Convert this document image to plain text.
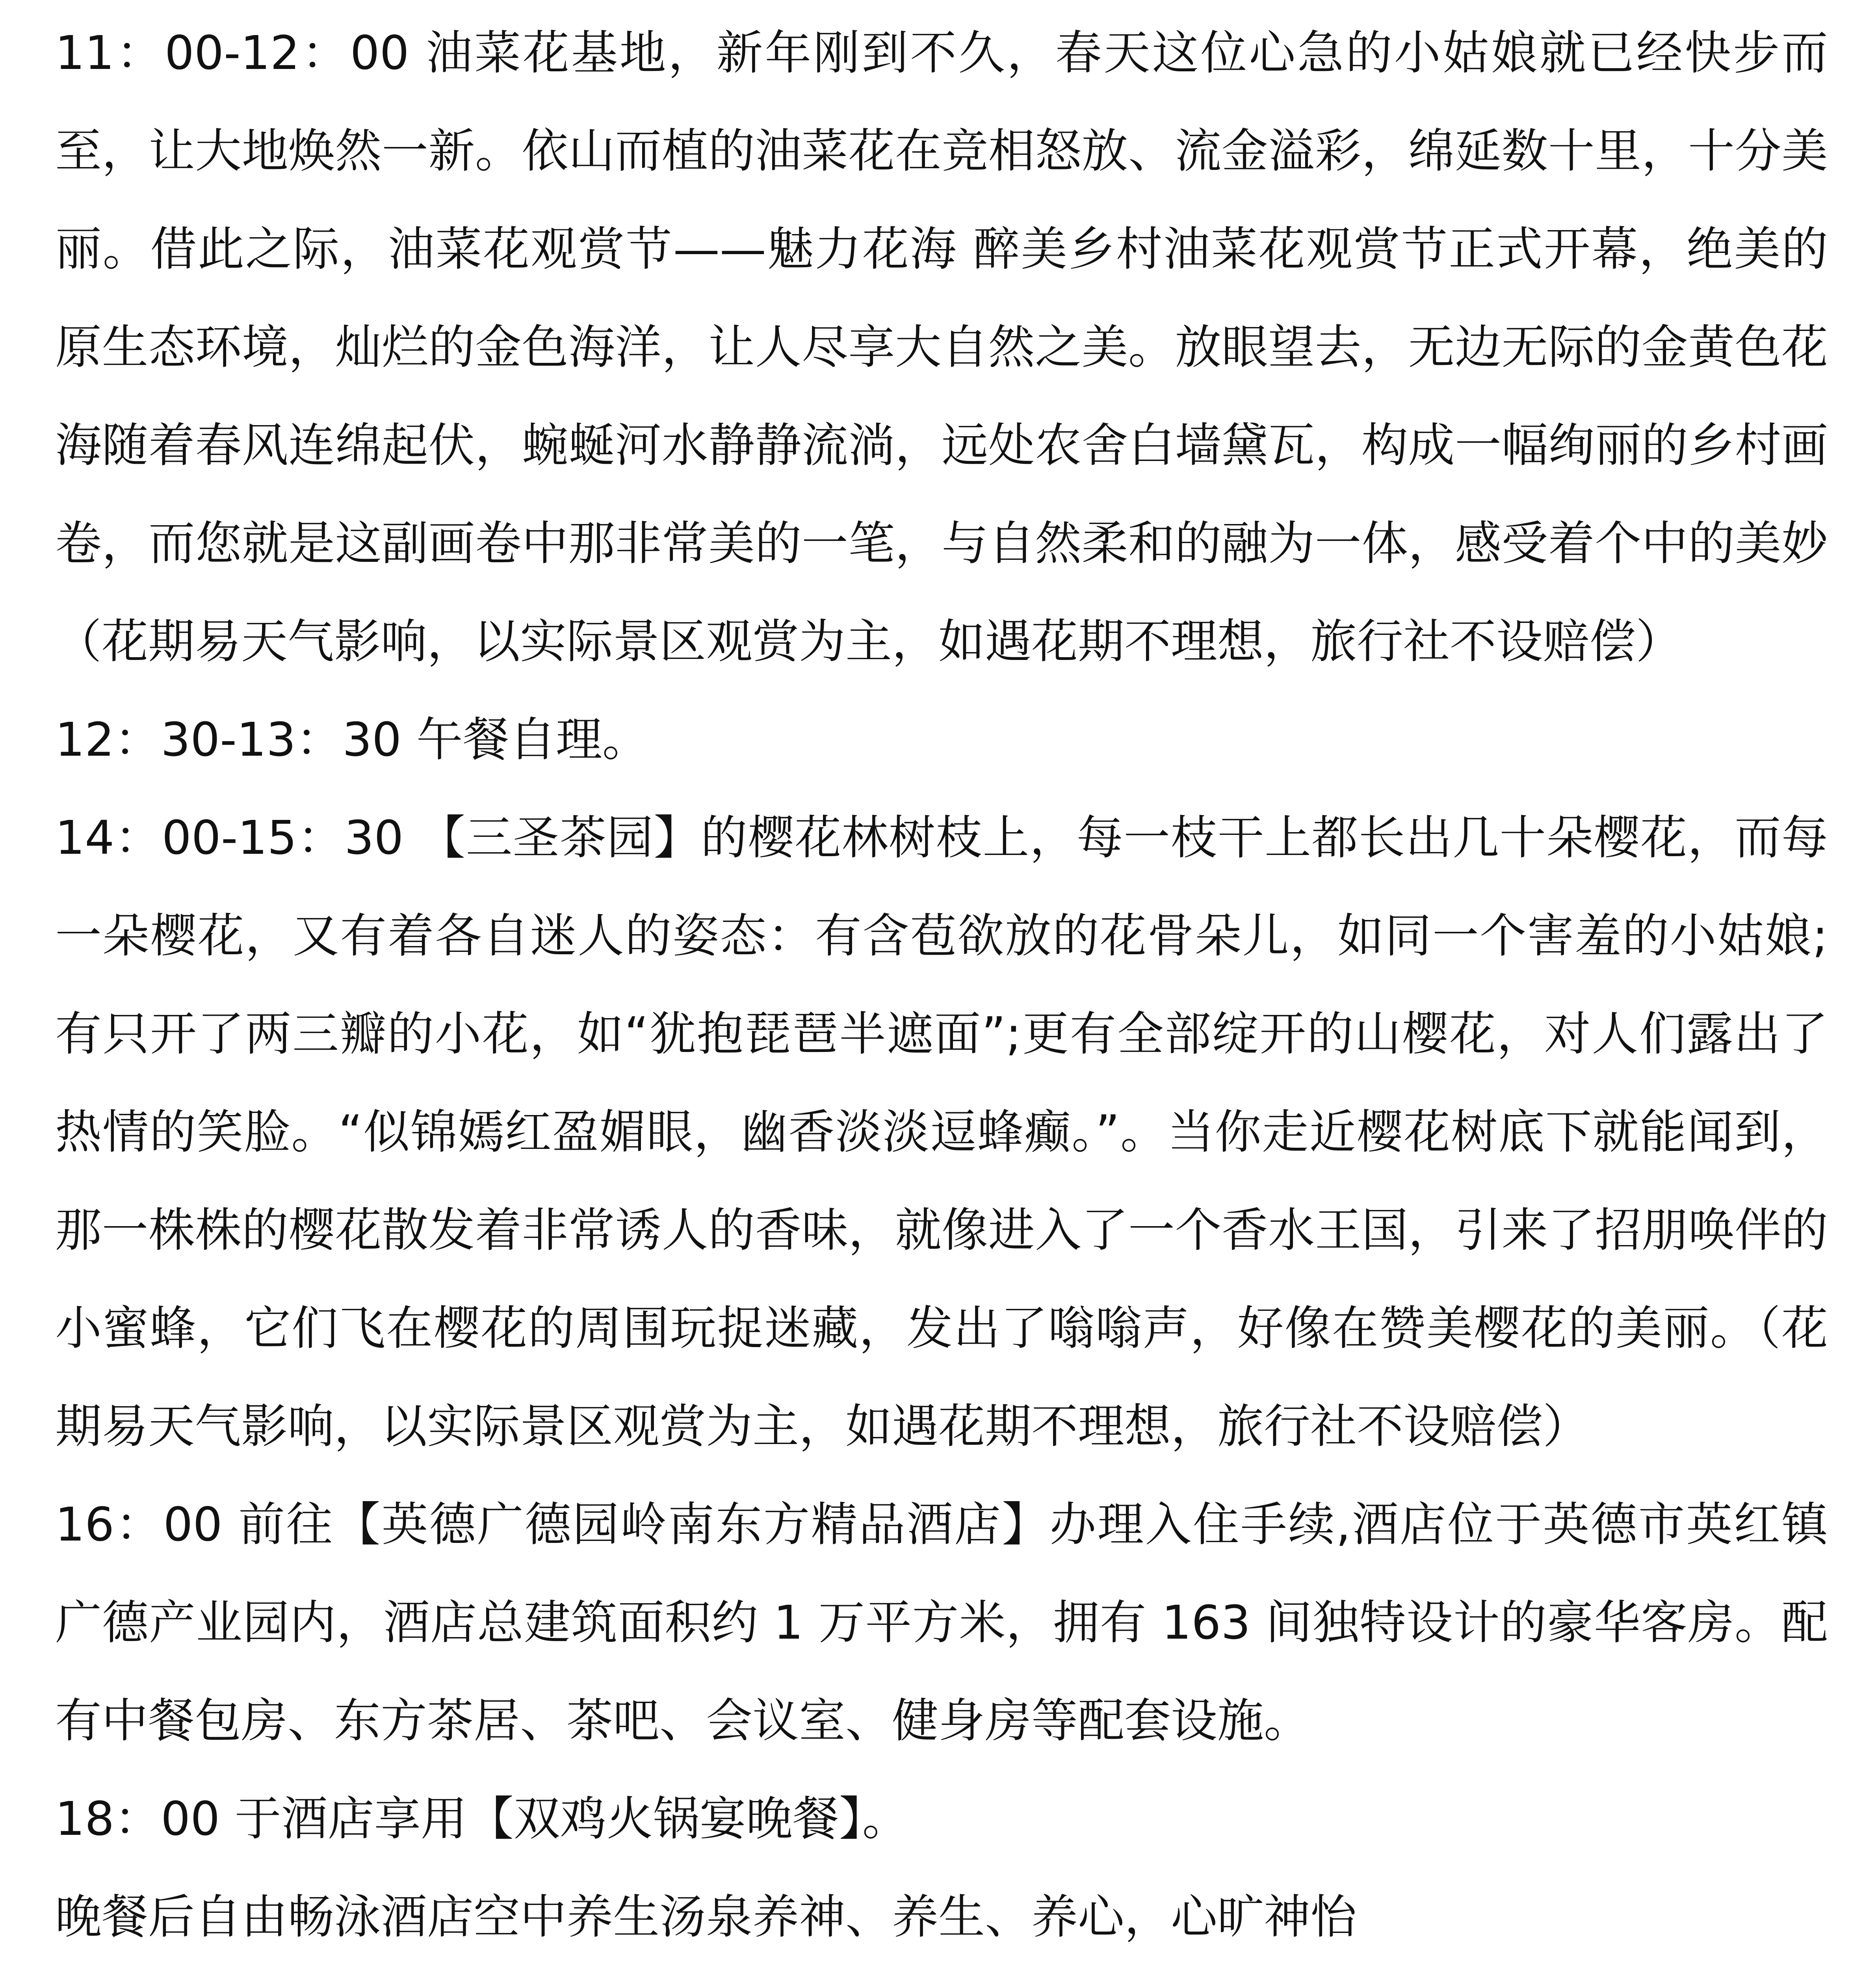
11：00-12：00 油菜花基地，新年刚到不久，春天这位心急的小姑娘就已经快步而至，让大地焕然一新。依山而植的油菜花在竞相怒放、流金溢彩，绵延数十里，十分美丽。借此之际，油菜花观赏节——魅力花海 醉美乡村油菜花观赏节正式开幕，绝美的原生态环境，灿烂的金色海洋，让人尽享大自然之美。放眼望去，无边无际的金黄色花海随着春风连绵起伏，蜿蜒河水静静流淌，远处农舍白墙黛瓦，构成一幅绚丽的乡村画卷，而您就是这副画卷中那非常美的一笔，与自然柔和的融为一体，感受着个中的美妙（花期易天气影响，以实际景区观赏为主，如遇花期不理想，旅行社不设赔偿）

12：30-13：30 午餐自理。

14：00-15：30 【三圣茶园】的樱花林树枝上，每一枝干上都长出几十朵樱花，而每一朵樱花，又有着各自迷人的姿态：有含苞欲放的花骨朵儿，如同一个害羞的小姑娘;有只开了两三瓣的小花，如“犹抱琵琶半遮面”;更有全部绽开的山樱花，对人们露出了热情的笑脸。“似锦嫣红盈媚眼，幽香淡淡逗蜂癫。”。当你走近樱花树底下就能闻到，那一株株的樱花散发着非常诱人的香味，就像进入了一个香水王国，引来了招朋唤伴的小蜜蜂，它们飞在樱花的周围玩捉迷藏，发出了嗡嗡声，好像在赞美樱花的美丽。（花期易天气影响，以实际景区观赏为主，如遇花期不理想，旅行社不设赔偿）

16：00 前往【英德广德园岭南东方精品酒店】办理入住手续,酒店位于英德市英红镇广德产业园内，酒店总建筑面积约 1 万平方米，拥有 163 间独特设计的豪华客房。配有中餐包房、东方茶居、茶吧、会议室、健身房等配套设施。

18：00 于酒店享用【双鸡火锅宴晚餐】。

晚餐后自由畅泳酒店空中养生汤泉养神、养生、养心，心旷神怡
